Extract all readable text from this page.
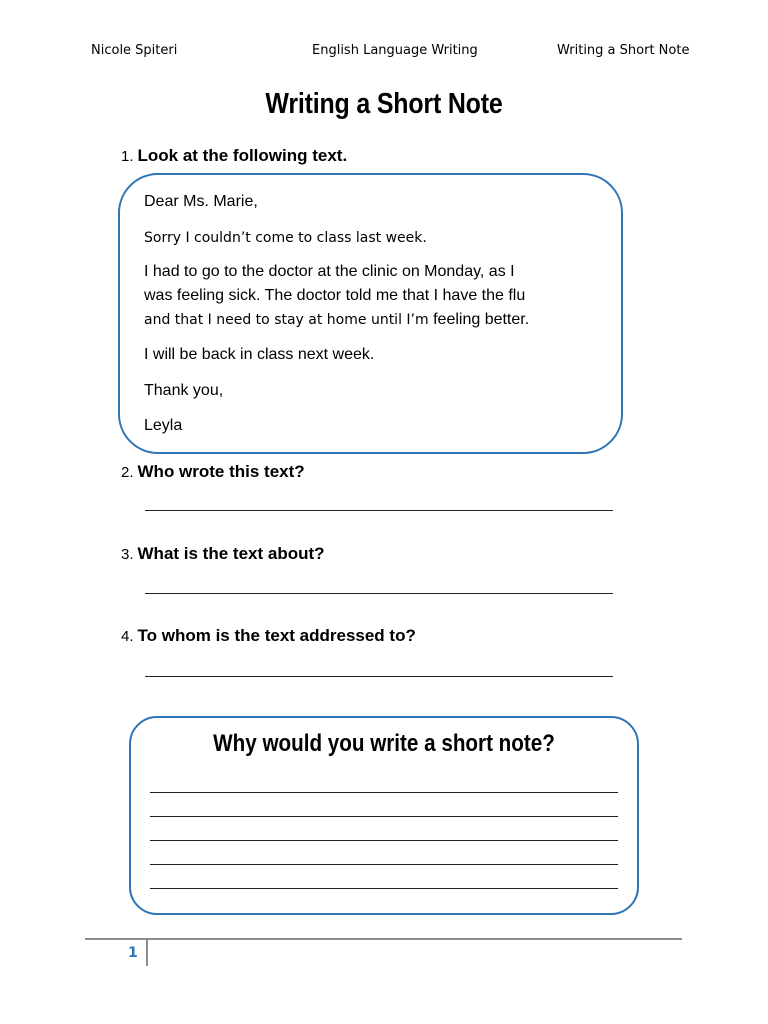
Nicole Spiteri	English Language Writing	Writing a Short Note
Writing a Short Note
1. Look at the following text.
Dear Ms. Marie,
Sorry I couldn’t come to class last week.
I had to go to the doctor at the clinic on Monday, as I
was feeling sick. The doctor told me that I have the flu
and that I need to stay at home until I’m feeling better.
I will be back in class next week.
Thank you,
Leyla
2. Who wrote this text?
3. What is the text about?
4. To whom is the text addressed to?
Why would you write a short note?
1
